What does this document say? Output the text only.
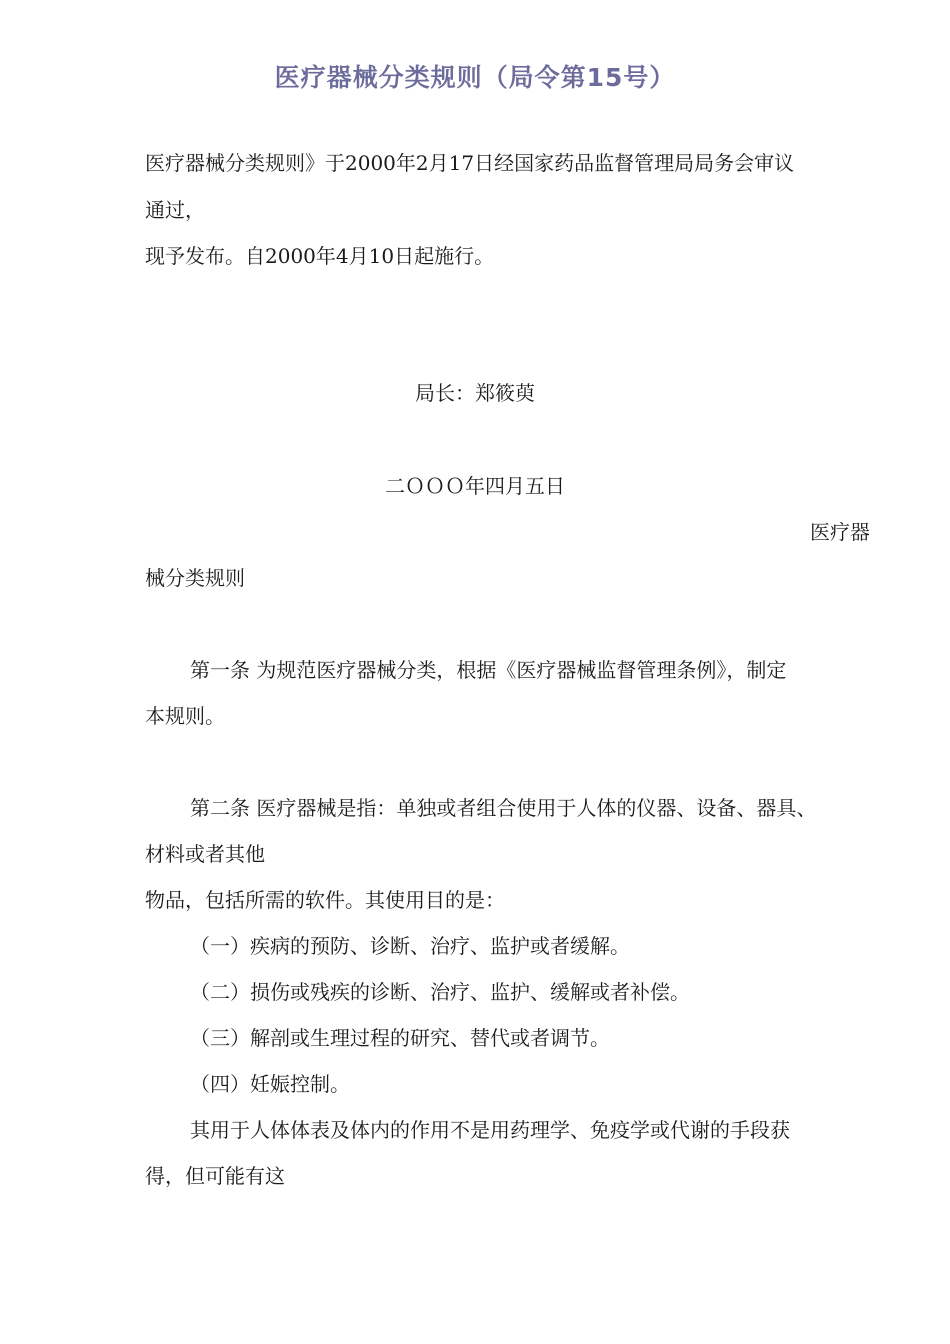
医疗器械分类规则（局令第15号）
医疗器械分类规则》于2000年2月17日经国家药品监督管理局局务会审议
通过，
现予发布。自2000年4月10日起施行。
局长：郑筱萸
二ＯＯＯ年四月五日
医疗器
械分类规则
第一条 为规范医疗器械分类，根据《医疗器械监督管理条例》，制定
本规则。
第二条 医疗器械是指：单独或者组合使用于人体的仪器、设备、器具、
材料或者其他
物品，包括所需的软件。其使用目的是：
（一）疾病的预防、诊断、治疗、监护或者缓解。
（二）损伤或残疾的诊断、治疗、监护、缓解或者补偿。
（三）解剖或生理过程的研究、替代或者调节。
（四）妊娠控制。
其用于人体体表及体内的作用不是用药理学、免疫学或代谢的手段获
得，但可能有这
